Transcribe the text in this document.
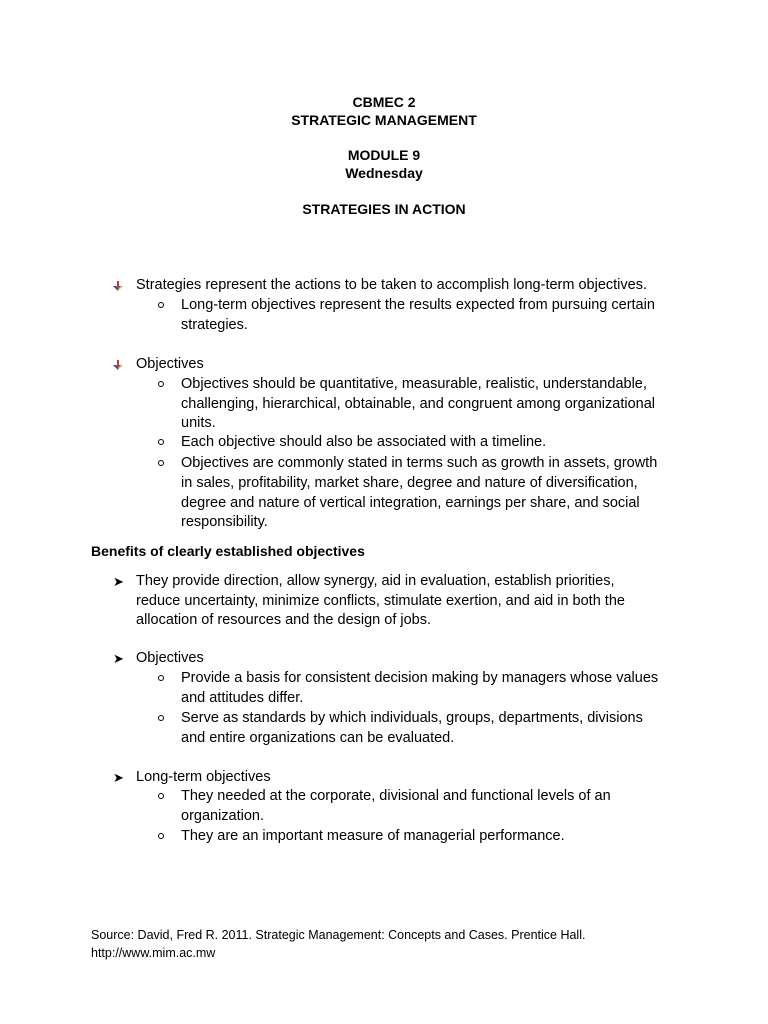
CBMEC 2
STRATEGIC MANAGEMENT
MODULE 9
Wednesday
STRATEGIES IN ACTION
Strategies represent the actions to be taken to accomplish long-term objectives.
Long-term objectives represent the results expected from pursuing certain
strategies.
Objectives
Objectives should be quantitative, measurable, realistic, understandable,
challenging, hierarchical, obtainable, and congruent among organizational
units.
Each objective should also be associated with a timeline.
Objectives are commonly stated in terms such as growth in assets, growth
in sales, profitability, market share, degree and nature of diversification,
degree and nature of vertical integration, earnings per share, and social
responsibility.
Benefits of clearly established objectives
➤ They provide direction, allow synergy, aid in evaluation, establish priorities,
reduce uncertainty, minimize conflicts, stimulate exertion, and aid in both the
allocation of resources and the design of jobs.
➤ Objectives
Provide a basis for consistent decision making by managers whose values
and attitudes differ.
Serve as standards by which individuals, groups, departments, divisions
and entire organizations can be evaluated.
➤ Long-term objectives
They needed at the corporate, divisional and functional levels of an
organization.
They are an important measure of managerial performance.
Source: David, Fred R. 2011. Strategic Management: Concepts and Cases. Prentice Hall.
http://www.mim.ac.mw
